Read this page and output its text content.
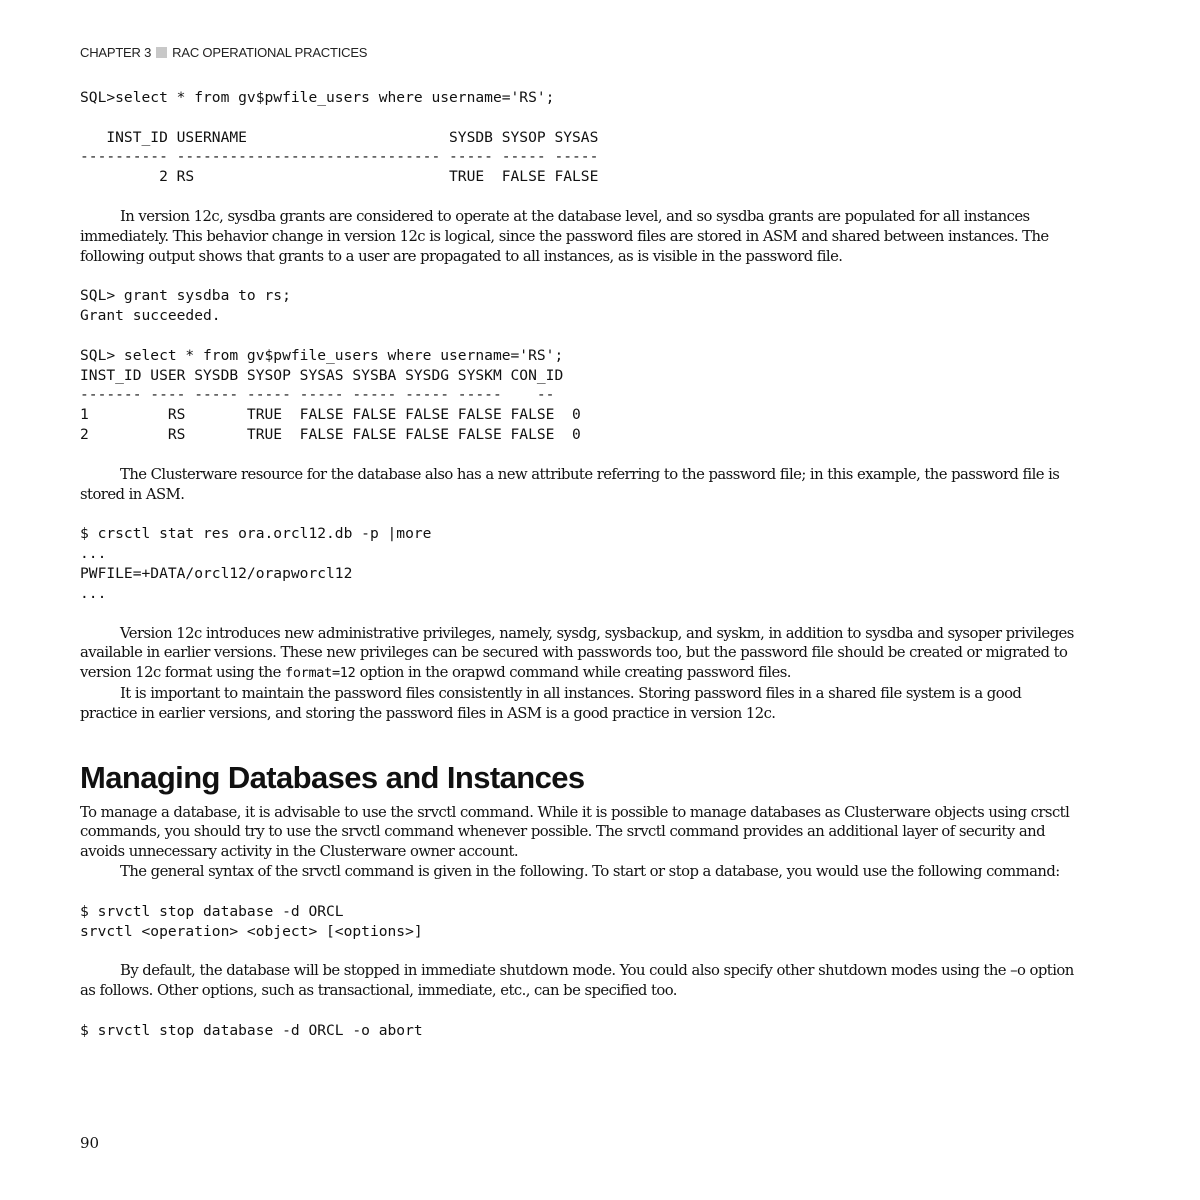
CHAPTER 3 RAC OPERATIONAL PRACTICES
SQL>select * from gv$pwfile_users where username='RS';

INST_ID USERNAME                       SYSDB SYSOP SYSAS
---------- ------------------------------ ----- ----- -----
2 RS                             TRUE  FALSE FALSE

In version 12c, sysdba grants are considered to operate at the database level, and so sysdba grants are populated for all instances immediately. This behavior change in version 12c is logical, since the password files are stored in ASM and shared between instances. The following output shows that grants to a user are propagated to all instances, as is visible in the password file.

SQL> grant sysdba to rs;
Grant succeeded.

SQL> select * from gv$pwfile_users where username='RS';
INST_ID USER SYSDB SYSOP SYSAS SYSBA SYSDG SYSKM CON_ID
------- ---- ----- ----- ----- ----- ----- -----    --
1         RS       TRUE  FALSE FALSE FALSE FALSE FALSE  0
2         RS       TRUE  FALSE FALSE FALSE FALSE FALSE  0

The Clusterware resource for the database also has a new attribute referring to the password file; in this example, the password file is stored in ASM.

$ crsctl stat res ora.orcl12.db -p |more
...
PWFILE=+DATA/orcl12/orapworcl12
...

Version 12c introduces new administrative privileges, namely, sysdg, sysbackup, and syskm, in addition to sysdba and sysoper privileges available in earlier versions. These new privileges can be secured with passwords too, but the password file should be created or migrated to version 12c format using the format=12 option in the orapwd command while creating password files.

It is important to maintain the password files consistently in all instances. Storing password files in a shared file system is a good practice in earlier versions, and storing the password files in ASM is a good practice in version 12c.

Managing Databases and Instances

To manage a database, it is advisable to use the srvctl command. While it is possible to manage databases as Clusterware objects using crsctl commands, you should try to use the srvctl command whenever possible. The srvctl command provides an additional layer of security and avoids unnecessary activity in the Clusterware owner account.

The general syntax of the srvctl command is given in the following. To start or stop a database, you would use the following command:

$ srvctl stop database -d ORCL
srvctl <operation> <object> [<options>]

By default, the database will be stopped in immediate shutdown mode. You could also specify other shutdown modes using the –o option as follows. Other options, such as transactional, immediate, etc., can be specified too.

$ srvctl stop database -d ORCL -o abort
90
